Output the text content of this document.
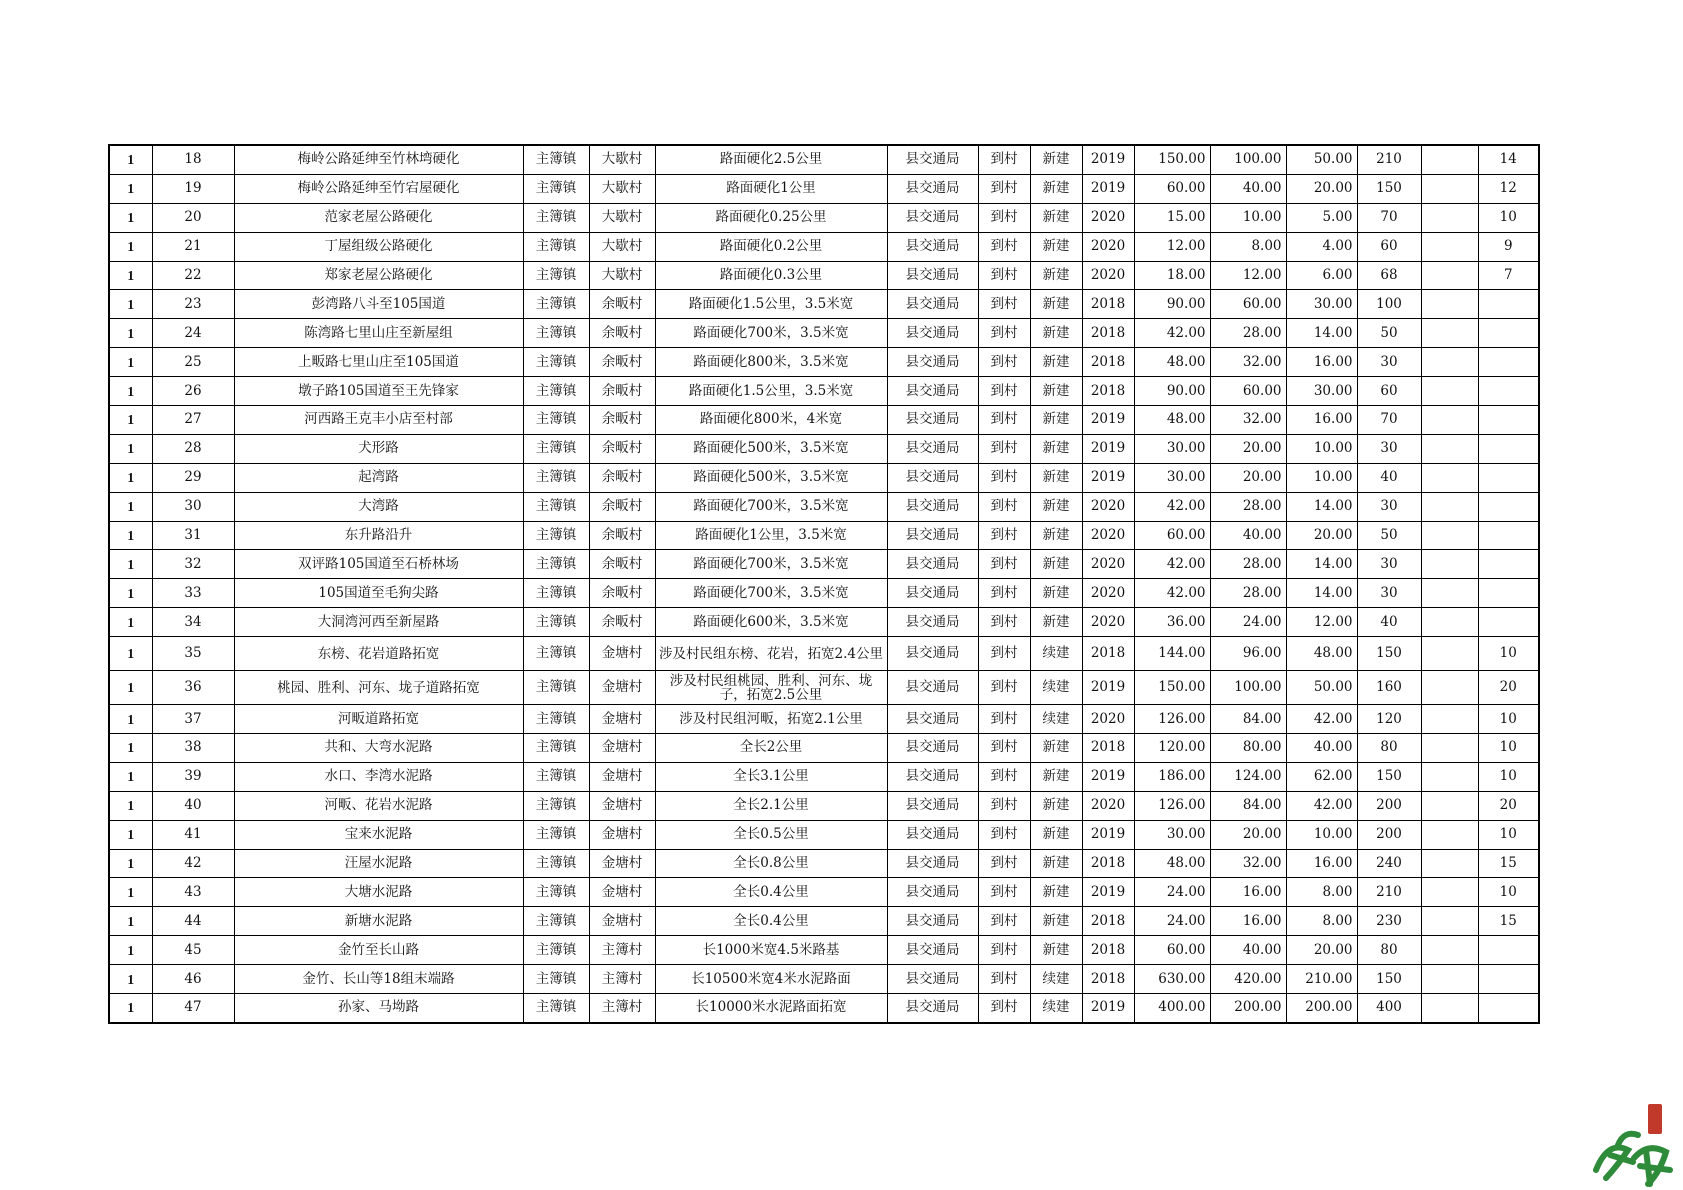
1	18	梅岭公路延绅至竹林塆硬化	主簿镇	大歇村	路面硬化2.5公里	县交通局	到村	新建	2019	150.00	100.00	50.00	210		14
1	19	梅岭公路延绅至竹宕屋硬化	主簿镇	大歇村	路面硬化1公里	县交通局	到村	新建	2019	60.00	40.00	20.00	150		12
1	20	范家老屋公路硬化	主簿镇	大歇村	路面硬化0.25公里	县交通局	到村	新建	2020	15.00	10.00	5.00	70		10
1	21	丁屋组级公路硬化	主簿镇	大歇村	路面硬化0.2公里	县交通局	到村	新建	2020	12.00	8.00	4.00	60		9
1	22	郑家老屋公路硬化	主簿镇	大歇村	路面硬化0.3公里	县交通局	到村	新建	2020	18.00	12.00	6.00	68		7
1	23	彭湾路八斗至105国道	主簿镇	余畈村	路面硬化1.5公里，3.5米宽	县交通局	到村	新建	2018	90.00	60.00	30.00	100		
1	24	陈湾路七里山庄至新屋组	主簿镇	余畈村	路面硬化700米，3.5米宽	县交通局	到村	新建	2018	42.00	28.00	14.00	50		
1	25	上畈路七里山庄至105国道	主簿镇	余畈村	路面硬化800米，3.5米宽	县交通局	到村	新建	2018	48.00	32.00	16.00	30		
1	26	墩子路105国道至王先锋家	主簿镇	余畈村	路面硬化1.5公里，3.5米宽	县交通局	到村	新建	2018	90.00	60.00	30.00	60		
1	27	河西路王克丰小店至村部	主簿镇	余畈村	路面硬化800米，4米宽	县交通局	到村	新建	2019	48.00	32.00	16.00	70		
1	28	犬形路	主簿镇	余畈村	路面硬化500米，3.5米宽	县交通局	到村	新建	2019	30.00	20.00	10.00	30		
1	29	起湾路	主簿镇	余畈村	路面硬化500米，3.5米宽	县交通局	到村	新建	2019	30.00	20.00	10.00	40		
1	30	大湾路	主簿镇	余畈村	路面硬化700米，3.5米宽	县交通局	到村	新建	2020	42.00	28.00	14.00	30		
1	31	东升路沿升	主簿镇	余畈村	路面硬化1公里，3.5米宽	县交通局	到村	新建	2020	60.00	40.00	20.00	50		
1	32	双评路105国道至石桥林场	主簿镇	余畈村	路面硬化700米，3.5米宽	县交通局	到村	新建	2020	42.00	28.00	14.00	30		
1	33	105国道至毛狗尖路	主簿镇	余畈村	路面硬化700米，3.5米宽	县交通局	到村	新建	2020	42.00	28.00	14.00	30		
1	34	大洞湾河西至新屋路	主簿镇	余畈村	路面硬化600米，3.5米宽	县交通局	到村	新建	2020	36.00	24.00	12.00	40		
1	35	东榜、花岩道路拓宽	主簿镇	金塘村	涉及村民组东榜、花岩，拓宽2.4公里	县交通局	到村	续建	2018	144.00	96.00	48.00	150		10
1	36	桃园、胜利、河东、垅子道路拓宽	主簿镇	金塘村	涉及村民组桃园、胜利、河东、垅子，拓宽2.5公里	县交通局	到村	续建	2019	150.00	100.00	50.00	160		20
1	37	河畈道路拓宽	主簿镇	金塘村	涉及村民组河畈，拓宽2.1公里	县交通局	到村	续建	2020	126.00	84.00	42.00	120		10
1	38	共和、大弯水泥路	主簿镇	金塘村	全长2公里	县交通局	到村	新建	2018	120.00	80.00	40.00	80		10
1	39	水口、李湾水泥路	主簿镇	金塘村	全长3.1公里	县交通局	到村	新建	2019	186.00	124.00	62.00	150		10
1	40	河畈、花岩水泥路	主簿镇	金塘村	全长2.1公里	县交通局	到村	新建	2020	126.00	84.00	42.00	200		20
1	41	宝来水泥路	主簿镇	金塘村	全长0.5公里	县交通局	到村	新建	2019	30.00	20.00	10.00	200		10
1	42	汪屋水泥路	主簿镇	金塘村	全长0.8公里	县交通局	到村	新建	2018	48.00	32.00	16.00	240		15
1	43	大塘水泥路	主簿镇	金塘村	全长0.4公里	县交通局	到村	新建	2019	24.00	16.00	8.00	210		10
1	44	新塘水泥路	主簿镇	金塘村	全长0.4公里	县交通局	到村	新建	2018	24.00	16.00	8.00	230		15
1	45	金竹至长山路	主簿镇	主簿村	长1000米宽4.5米路基	县交通局	到村	新建	2018	60.00	40.00	20.00	80		
1	46	金竹、长山等18组末端路	主簿镇	主簿村	长10500米宽4米水泥路面	县交通局	到村	续建	2018	630.00	420.00	210.00	150		
1	47	孙家、马坳路	主簿镇	主簿村	长10000米水泥路面拓宽	县交通局	到村	续建	2019	400.00	200.00	200.00	400		
